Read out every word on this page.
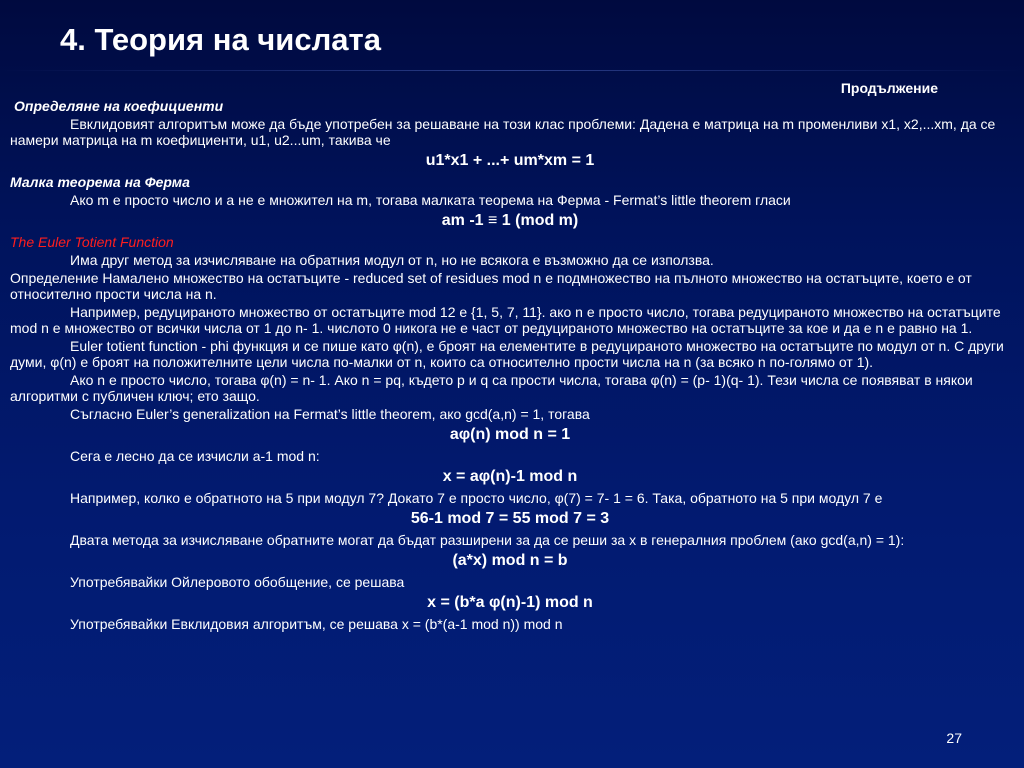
4. Теория на числата

Продължение

Определяне на коефициенти

Евклидовият алгоритъм може да бъде употребен за решаване на този клас проблеми: Дадена е матрица на m променливи x1, x2,...xm, да се намери матрица на m коефициенти, u1, u2...um, такива че

u1*x1 + ...+ um*xm = 1

Малка теорема на Ферма

Ако m е просто число и a не е множител на m, тогава малката теорема на Ферма - Fermat’s little theorem гласи

am -1 ≡ 1 (mod m)

The Euler Totient Function

Има друг метод за изчисляване на обратния модул от n, но не всякога е възможно да се използва.

Определение Намалено множество на остатъците - reduced set of residues mod n е подмножество на пълното множество на остатъците, което е от относително прости числа на n.

Например, редуцираното множество от остатъците mod 12 е {1, 5, 7, 11}. ако n е просто число, тогава редуцираното множество на остатъците mod n е множество от всички числа от 1 до n- 1. числото 0 никога не е част от редуцираното множество на остатъците за кое и да е n е равно на 1.

Euler totient function - phi функция и се пише като φ(n), е броят на елементите в редуцираното множество на остатъците по модул от n. С други думи, φ(n) е броят на положителните цели числа по-малки от n, които са относително прости числа на n (за всяко n по-голямо от 1).

Ако n е просто число, тогава φ(n) = n- 1. Ако n = pq, където p и q са прости числа, тогава φ(n) = (p- 1)(q- 1). Тези числа се появяват в някои алгоритми с публичен ключ; ето защо.

Съгласно Euler’s generalization на Fermat’s little theorem, ако gcd(a,n) = 1, тогава

aφ(n) mod n = 1

Сега е лесно да се изчисли a-1 mod n:

x = aφ(n)-1 mod n

Например, колко е обратното на 5 при модул 7? Докато 7 е просто число, φ(7) = 7- 1 = 6. Така, обратното на 5 при модул 7 е

56-1 mod 7 = 55 mod 7 = 3

Двата метода за изчисляване обратните могат да бъдат разширени за да се реши за x в генералния проблем (ако gcd(a,n) = 1):

(a*x) mod n = b

Употребявайки Ойлеровото обобщение, се решава

x = (b*a φ(n)-1) mod n

Употребявайки Евклидовия алгоритъм, се решава x = (b*(a-1 mod n)) mod n

27
